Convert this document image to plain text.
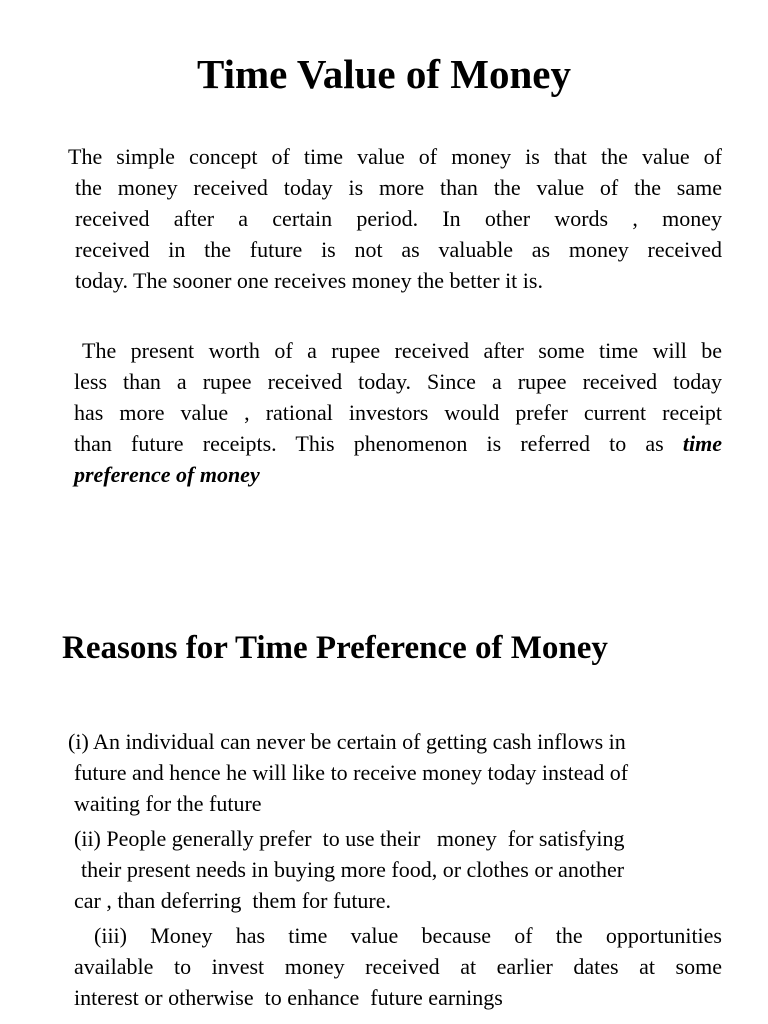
Time Value of Money
The simple concept of time value of money is that the value of
the money received today is more than the value of the same
received after a certain period. In other words , money
received in the future is not as valuable as money received
today. The sooner one receives money the better it is.
The present worth of a rupee received after some time will be
less than a rupee received today. Since a rupee received today
has more value , rational investors would prefer current receipt
than future receipts. This phenomenon is referred to as time
preference of money
Reasons for Time Preference of Money
(i) An individual can never be certain of getting cash inflows in
future and hence he will like to receive money today instead of
waiting for the future
(ii) People generally prefer  to use their   money  for satisfying
their present needs in buying more food, or clothes or another
car , than deferring  them for future.
(iii) Money has time value because of the opportunities
available to invest money received at earlier dates at some
interest or otherwise  to enhance  future earnings
